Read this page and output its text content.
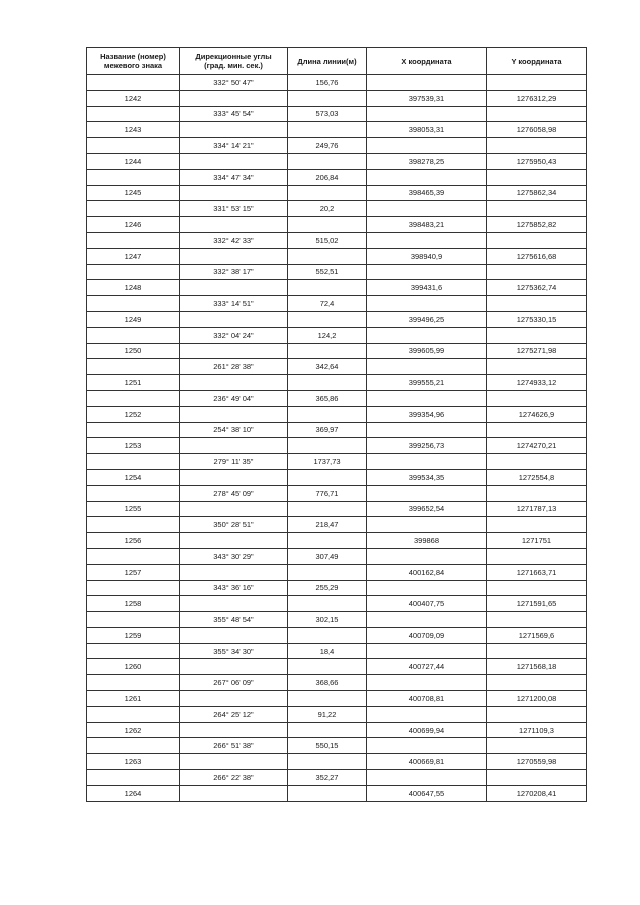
Название (номер)
межевого знака	Дирекционные углы
(град. мин. сек.)	Длина линии(м)	X координата	Y координата
	332° 50' 47"	156,76		
1242			397539,31	1276312,29
	333° 45' 54"	573,03		
1243			398053,31	1276058,98
	334° 14' 21"	249,76		
1244			398278,25	1275950,43
	334° 47' 34"	206,84		
1245			398465,39	1275862,34
	331° 53' 15"	20,2		
1246			398483,21	1275852,82
	332° 42' 33"	515,02		
1247			398940,9	1275616,68
	332° 38' 17"	552,51		
1248			399431,6	1275362,74
	333° 14' 51"	72,4		
1249			399496,25	1275330,15
	332° 04' 24"	124,2		
1250			399605,99	1275271,98
	261° 28' 38"	342,64		
1251			399555,21	1274933,12
	236° 49' 04"	365,86		
1252			399354,96	1274626,9
	254° 38' 10"	369,97		
1253			399256,73	1274270,21
	279° 11' 35"	1737,73		
1254			399534,35	1272554,8
	278° 45' 09"	776,71		
1255			399652,54	1271787,13
	350° 28' 51"	218,47		
1256			399868	1271751
	343° 30' 29"	307,49		
1257			400162,84	1271663,71
	343° 36' 16"	255,29		
1258			400407,75	1271591,65
	355° 48' 54"	302,15		
1259			400709,09	1271569,6
	355° 34' 30"	18,4		
1260			400727,44	1271568,18
	267° 06' 09"	368,66		
1261			400708,81	1271200,08
	264° 25' 12"	91,22		
1262			400699,94	1271109,3
	266° 51' 38"	550,15		
1263			400669,81	1270559,98
	266° 22' 38"	352,27		
1264			400647,55	1270208,41
